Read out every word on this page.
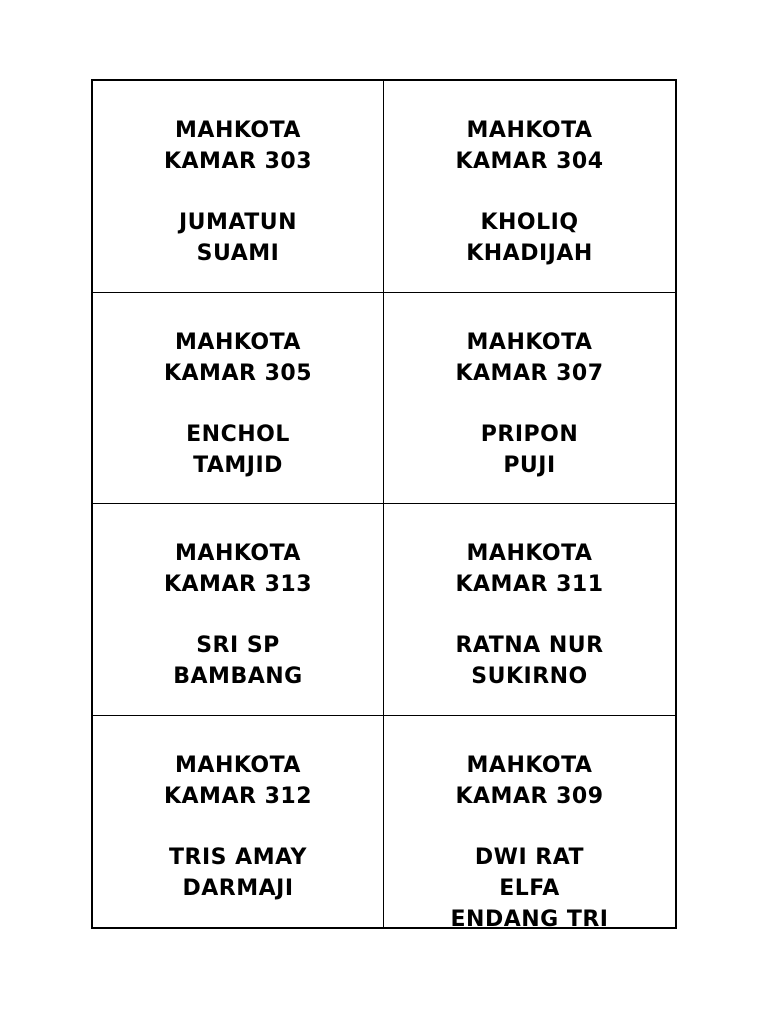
MAHKOTA
KAMAR 303
JUMATUN
SUAMI
MAHKOTA
KAMAR 304
KHOLIQ
KHADIJAH
MAHKOTA
KAMAR 305
ENCHOL
TAMJID
MAHKOTA
KAMAR 307
PRIPON
PUJI
MAHKOTA
KAMAR 313
SRI SP
BAMBANG
MAHKOTA
KAMAR 311
RATNA NUR
SUKIRNO
MAHKOTA
KAMAR 312
TRIS AMAY
DARMAJI
MAHKOTA
KAMAR 309
DWI RAT
ELFA
ENDANG TRI
